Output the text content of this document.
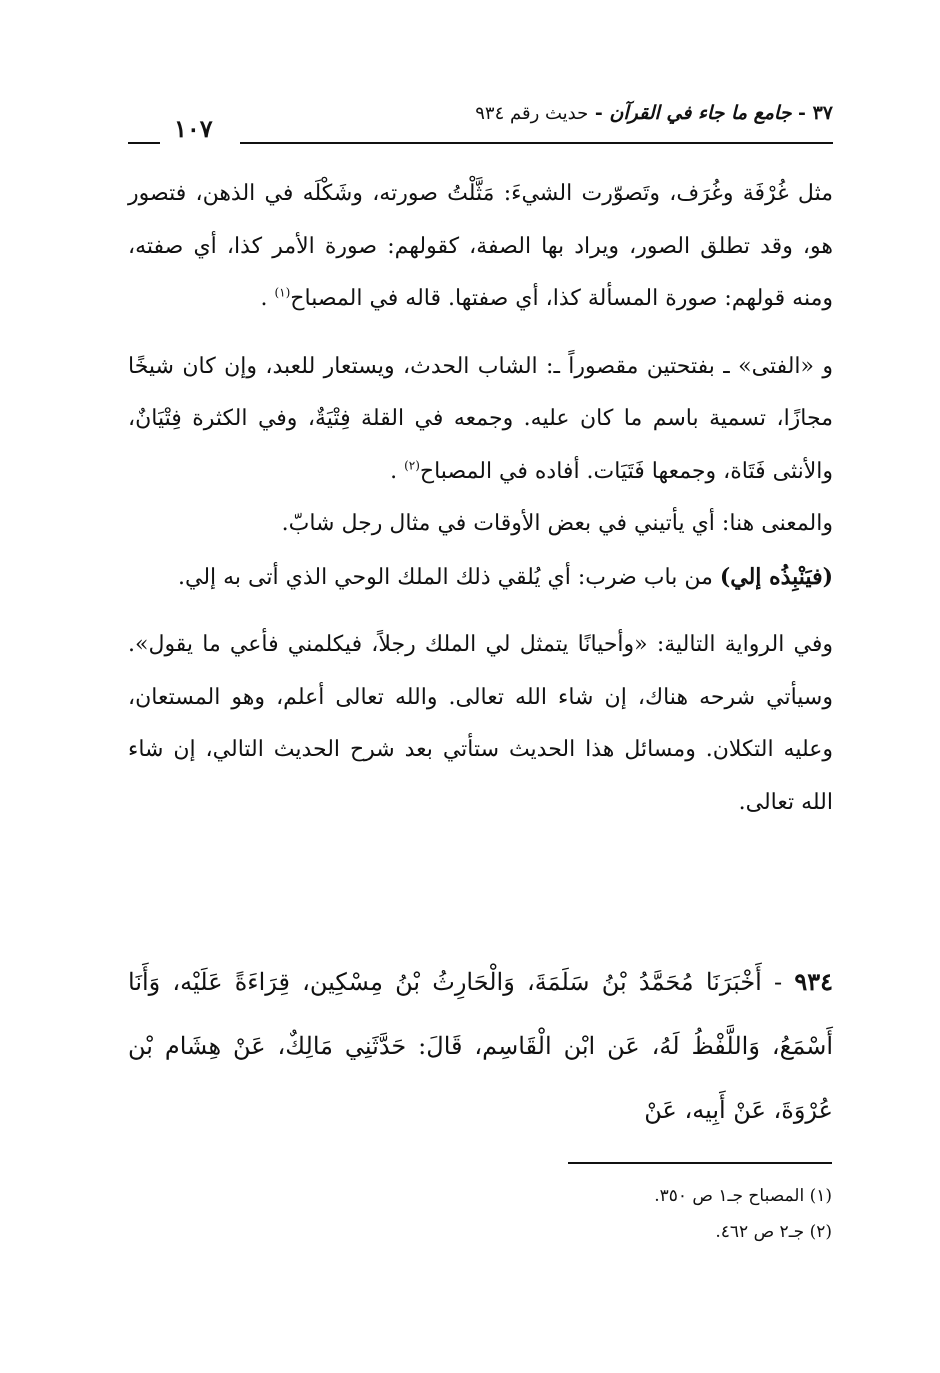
٣٧ - جامع ما جاء في القرآن - حديث رقم ٩٣٤
١٠٧

مثل غُرْفَة وغُرَف، وتَصوّرت الشيءَ: مَثَّلْتُ صورته، وشَكْلَه في الذهن، فتصور هو، وقد تطلق الصور، ويراد بها الصفة، كقولهم: صورة الأمر كذا، أي صفته، ومنه قولهم: صورة المسألة كذا، أي صفتها. قاله في المصباح$^{(١)}$ .

و «الفتى» ـ بفتحتين مقصوراً ـ: الشاب الحدث، ويستعار للعبد، وإن كان شيخًا مجازًا، تسمية باسم ما كان عليه. وجمعه في القلة فِتْيَةٌ، وفي الكثرة فِتْيَانٌ، والأنثى فَتَاة، وجمعها فَتَيَات. أفاده في المصباح$^{(٢)}$ .

والمعنى هنا: أي يأتيني في بعض الأوقات في مثال رجل شابّ.

(فيَنْبِذُه إلي) من باب ضرب: أي يُلقي ذلك الملك الوحي الذي أتى به إلي.

وفي الرواية التالية: «وأحيانًا يتمثل لي الملك رجلاً، فيكلمني فأعي ما يقول». وسيأتي شرحه هناك، إن شاء الله تعالى. والله تعالى أعلم، وهو المستعان، وعليه التكلان. ومسائل هذا الحديث ستأتي بعد شرح الحديث التالي، إن شاء الله تعالى.

٩٣٤ - أَخْبَرَنَا مُحَمَّدُ بْنُ سَلَمَةَ، وَالْحَارِثُ بْنُ مِسْكِين، قِرَاءَةً عَلَيْه، وَأَنَا أَسْمَعُ، وَاللَّفْظُ لَهُ، عَن ابْن الْقَاسِم، قَالَ: حَدَّثَنِي مَالِكٌ، عَنْ هِشَام بْن عُرْوَةَ، عَنْ أَبِيه، عَنْ

(١) المصباح جـ١ ص ٣٥٠.

(٢) جـ٢ ص ٤٦٢.
